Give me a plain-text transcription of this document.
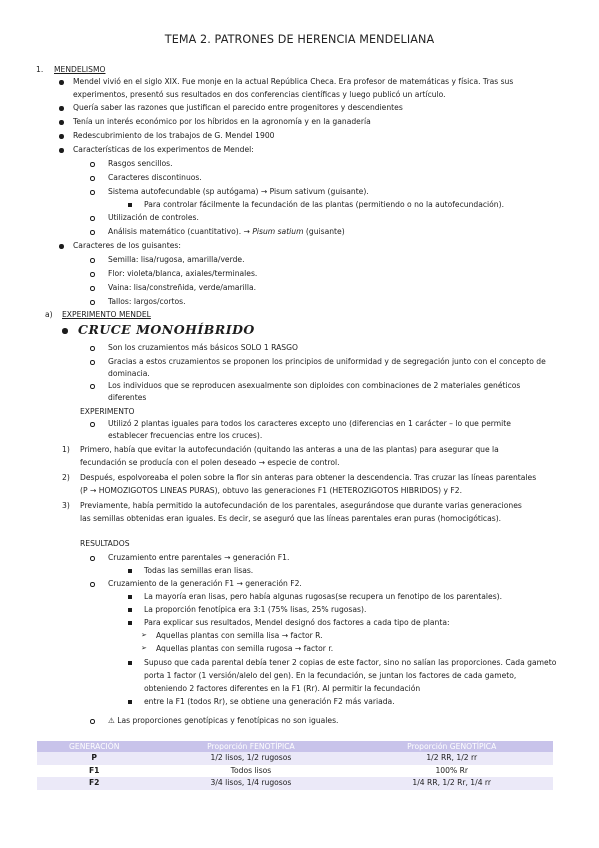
TEMA 2. PATRONES DE HERENCIA MENDELIANA
1. MENDELISMO
Mendel vivió en el siglo XIX. Fue monje en la actual República Checa. Era profesor de matemáticas y física. Tras sus
experimentos, presentó sus resultados en dos conferencias científicas y luego publicó un artículo.
Quería saber las razones que justifican el parecido entre progenitores y descendientes
Tenía un interés económico por los híbridos en la agronomía y en la ganadería
Redescubrimiento de los trabajos de G. Mendel 1900
Características de los experimentos de Mendel:
Rasgos sencillos.
Caracteres discontinuos.
Sistema autofecundable (sp autógama) → Pisum sativum (guisante).
Para controlar fácilmente la fecundación de las plantas (permitiendo o no la autofecundación).
Utilización de controles.
Análisis matemático (cuantitativo). → Pisum satium (guisante)
Caracteres de los guisantes:
Semilla: lisa/rugosa, amarilla/verde.
Flor: violeta/blanca, axiales/terminales.
Vaina: lisa/constreñida, verde/amarilla.
Tallos: largos/cortos.
a) EXPERIMENTO MENDEL
CRUCE MONOHÍBRIDO
Son los cruzamientos más básicos SOLO 1 RASGO
Gracias a estos cruzamientos se proponen los principios de uniformidad y de segregación junto con el concepto de
dominacia.
Los individuos que se reproducen asexualmente son diploides con combinaciones de 2 materiales genéticos
diferentes
EXPERIMENTO
Utilizó 2 plantas iguales para todos los caracteres excepto uno (diferencias en 1 carácter – lo que permite
establecer frecuencias entre los cruces).
1) Primero, había que evitar la autofecundación (quitando las anteras a una de las plantas) para asegurar que la
fecundación se producía con el polen deseado → especie de control.
2) Después, espolvoreaba el polen sobre la flor sin anteras para obtener la descendencia. Tras cruzar las líneas parentales
(P → HOMOZIGOTOS LINEAS PURAS), obtuvo las generaciones F1 (HETEROZIGOTOS HIBRIDOS) y F2.
3) Previamente, había permitido la autofecundación de los parentales, asegurándose que durante varias generaciones
las semillas obtenidas eran iguales. Es decir, se aseguró que las líneas parentales eran puras (homocigóticas).
RESULTADOS
Cruzamiento entre parentales → generación F1.
Todas las semillas eran lisas.
Cruzamiento de la generación F1 → generación F2.
La mayoría eran lisas, pero había algunas rugosas(se recupera un fenotipo de los parentales).
La proporción fenotípica era 3:1 (75% lisas, 25% rugosas).
Para explicar sus resultados, Mendel designó dos factores a cada tipo de planta:
➢ Aquellas plantas con semilla lisa → factor R.
➢ Aquellas plantas con semilla rugosa → factor r.
Supuso que cada parental debía tener 2 copias de este factor, sino no salían las proporciones. Cada gameto
porta 1 factor (1 versión/alelo del gen). En la fecundación, se juntan los factores de cada gameto,
obteniendo 2 factores diferentes en la F1 (Rr). Al permitir la fecundación
entre la F1 (todos Rr), se obtiene una generación F2 más variada.
⚠ Las proporciones genotípicas y fenotípicas no son iguales.
GENERACIÓN	Proporción FENOTÍPICA	Proporción GENOTÍPICA
P	1/2 lisos, 1/2 rugosos	1/2 RR, 1/2 rr
F1	Todos lisos	100% Rr
F2	3/4 lisos, 1/4 rugosos	1/4 RR, 1/2 Rr, 1/4 rr
